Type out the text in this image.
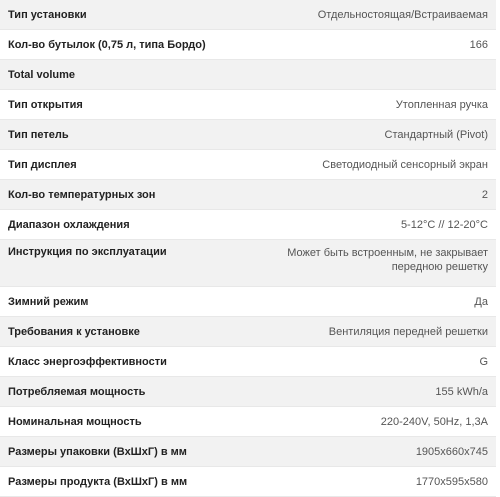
Тип установки	Отдельностоящая/Встраиваемая
Кол-во бутылок (0,75 л, типа Бордо)	166
Total volume	
Тип открытия	Утопленная ручка
Тип петель	Стандартный (Pivot)
Тип дисплея	Светодиодный сенсорный экран
Кол-во температурных зон	2
Диапазон охлаждения	5-12°C // 12-20°C
Инструкция по эксплуатации	Может быть встроенным, не закрывает передною решетку
Зимний режим	Да
Требования к установке	Вентиляция передней решетки
Класс энергоэффективности	G
Потребляемая мощность	155 kWh/a
Номинальная мощность	220-240V, 50Hz, 1,3A
Размеры упаковки (ВхШхГ) в мм	1905x660x745
Размеры продукта (ВхШхГ) в мм	1770x595x580
